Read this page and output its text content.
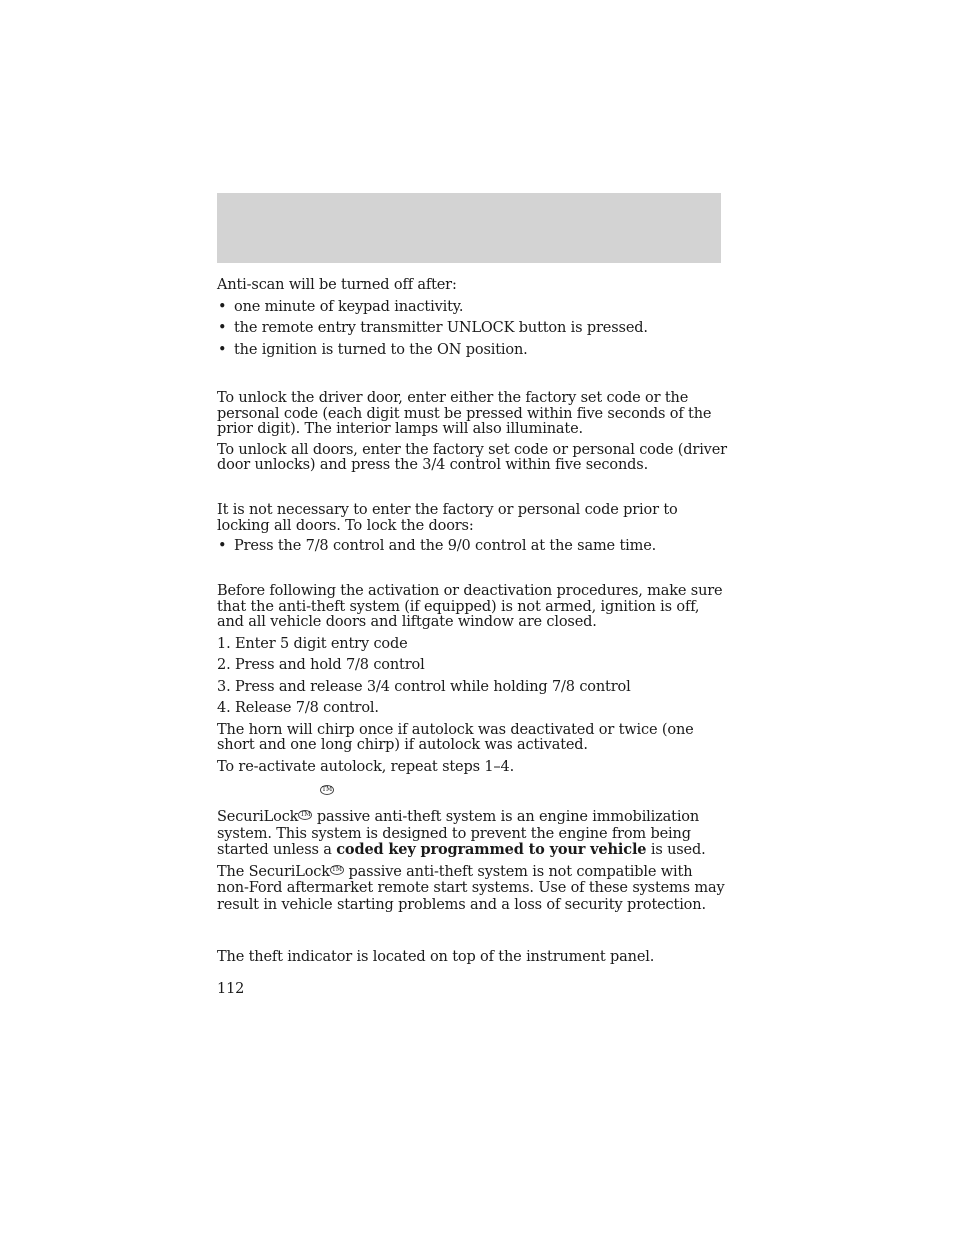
Anti-scan will be turned off after:
• one minute of keypad inactivity.
• the remote entry transmitter UNLOCK button is pressed.
• the ignition is turned to the ON position.
To unlock the driver door, enter either the factory set code or the personal code (each digit must be pressed within five seconds of the prior digit). The interior lamps will also illuminate.
To unlock all doors, enter the factory set code or personal code (driver door unlocks) and press the 3/4 control within five seconds.
It is not necessary to enter the factory or personal code prior to locking all doors. To lock the doors:
• Press the 7/8 control and the 9/0 control at the same time.
Before following the activation or deactivation procedures, make sure that the anti-theft system (if equipped) is not armed, ignition is off, and all vehicle doors and liftgate window are closed.
1. Enter 5 digit entry code
2. Press and hold 7/8 control
3. Press and release 3/4 control while holding 7/8 control
4. Release 7/8 control.
The horn will chirp once if autolock was deactivated or twice (one short and one long chirp) if autolock was activated.
To re-activate autolock, repeat steps 1–4.
TM
SecuriLock TM passive anti-theft system is an engine immobilization system. This system is designed to prevent the engine from being started unless a coded key programmed to your vehicle is used.
The SecuriLock TM passive anti-theft system is not compatible with non-Ford aftermarket remote start systems. Use of these systems may result in vehicle starting problems and a loss of security protection.
The theft indicator is located on top of the instrument panel.
112
